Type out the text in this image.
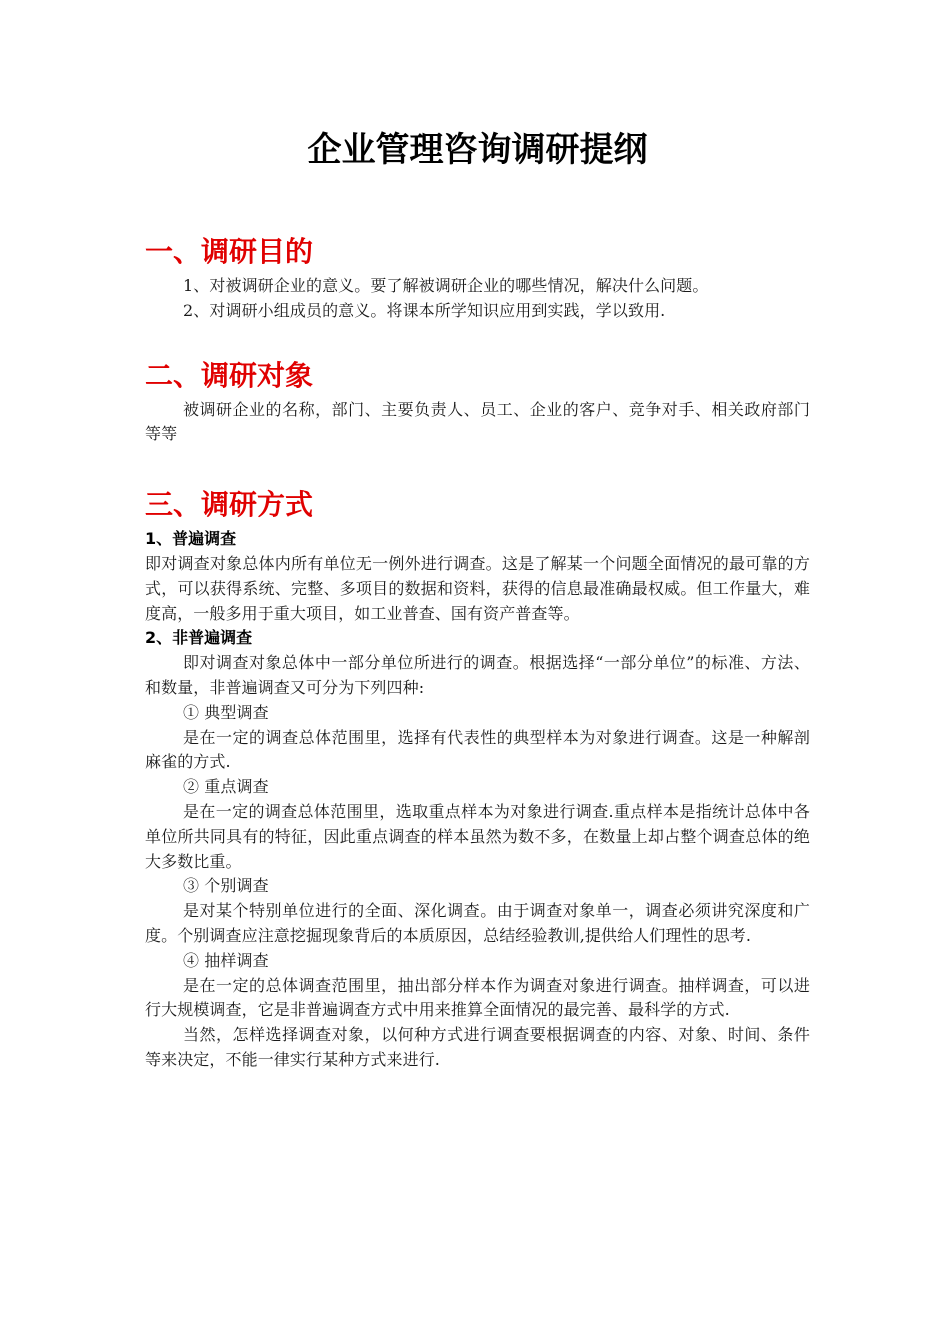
企业管理咨询调研提纲
一、调研目的

1、对被调研企业的意义。要了解被调研企业的哪些情况，解决什么问题。

2、对调研小组成员的意义。将课本所学知识应用到实践，学以致用.

二、调研对象

被调研企业的名称，部门、主要负责人、员工、企业的客户、竞争对手、相关政府部门等等

三、调研方式

1、普遍调查

即对调查对象总体内所有单位无一例外进行调查。这是了解某一个问题全面情况的最可靠的方式，可以获得系统、完整、多项目的数据和资料，获得的信息最准确最权威。但工作量大，难度高，一般多用于重大项目，如工业普查、国有资产普查等。

2、非普遍调查

即对调查对象总体中一部分单位所进行的调查。根据选择“一部分单位”的标准、方法、和数量，非普遍调查又可分为下列四种:

① 典型调查

是在一定的调查总体范围里，选择有代表性的典型样本为对象进行调查。这是一种解剖麻雀的方式.

② 重点调查

是在一定的调查总体范围里，选取重点样本为对象进行调查.重点样本是指统计总体中各单位所共同具有的特征，因此重点调查的样本虽然为数不多，在数量上却占整个调查总体的绝大多数比重。

③ 个别调查

是对某个特别单位进行的全面、深化调查。由于调查对象单一，调查必须讲究深度和广度。个别调查应注意挖掘现象背后的本质原因，总结经验教训,提供给人们理性的思考.

④ 抽样调查

是在一定的总体调查范围里，抽出部分样本作为调查对象进行调查。抽样调查，可以进行大规模调查，它是非普遍调查方式中用来推算全面情况的最完善、最科学的方式.

当然，怎样选择调查对象，以何种方式进行调查要根据调查的内容、对象、时间、条件等来决定，不能一律实行某种方式来进行.
